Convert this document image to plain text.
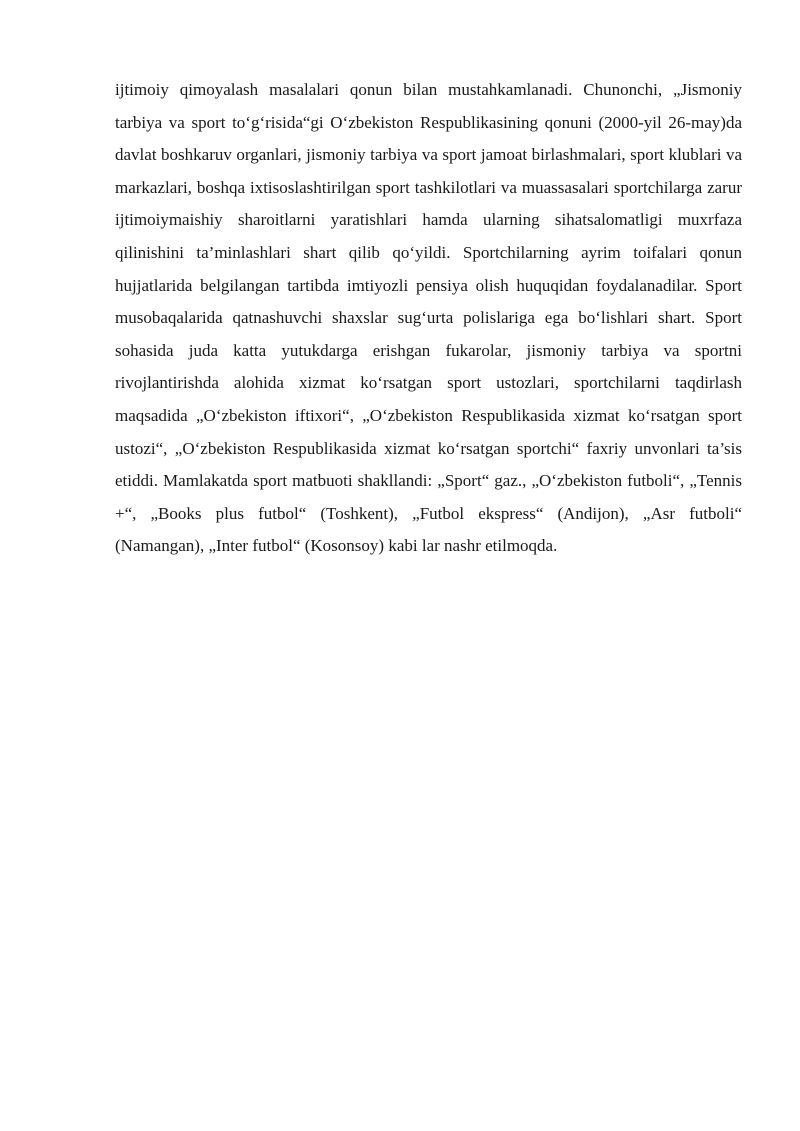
ijtimoiy qimoyalash masalalari qonun bilan mustahkamlanadi. Chunonchi, „Jismoniy tarbiya va sport to‘g‘risida“gi O‘zbekiston Respublikasining qonuni (2000-yil 26-may)da davlat boshkaruv organlari, jismoniy tarbiya va sport jamoat birlashmalari, sport klublari va markazlari, boshqa ixtisoslashtirilgan sport tashkilotlari va muassasalari sportchilarga zarur ijtimoiymaishiy sharoitlarni yaratishlari hamda ularning sihatsalomatligi muxrfaza qilinishini ta’minlashlari shart qilib qo‘yildi. Sportchilarning ayrim toifalari qonun hujjatlarida belgilangan tartibda imtiyozli pensiya olish huquqidan foydalanadilar. Sport musobaqalarida qatnashuvchi shaxslar sug‘urta polislariga ega bo‘lishlari shart. Sport sohasida juda katta yutukdarga erishgan fukarolar, jismoniy tarbiya va sportni rivojlantirishda alohida xizmat ko‘rsatgan sport ustozlari, sportchilarni taqdirlash maqsadida „O‘zbekiston iftixori“, „O‘zbekiston Respublikasida xizmat ko‘rsatgan sport ustozi“, „O‘zbekiston Respublikasida xizmat ko‘rsatgan sportchi“ faxriy unvonlari ta’sis etiddi. Mamlakatda sport matbuoti shakllandi: „Sport“ gaz., „O‘zbekiston futboli“, „Tennis +“, „Books plus futbol“ (Toshkent), „Futbol ekspress“ (Andijon), „Asr futboli“ (Namangan), „Inter futbol“ (Kosonsoy) kabi lar nashr etilmoqda.
